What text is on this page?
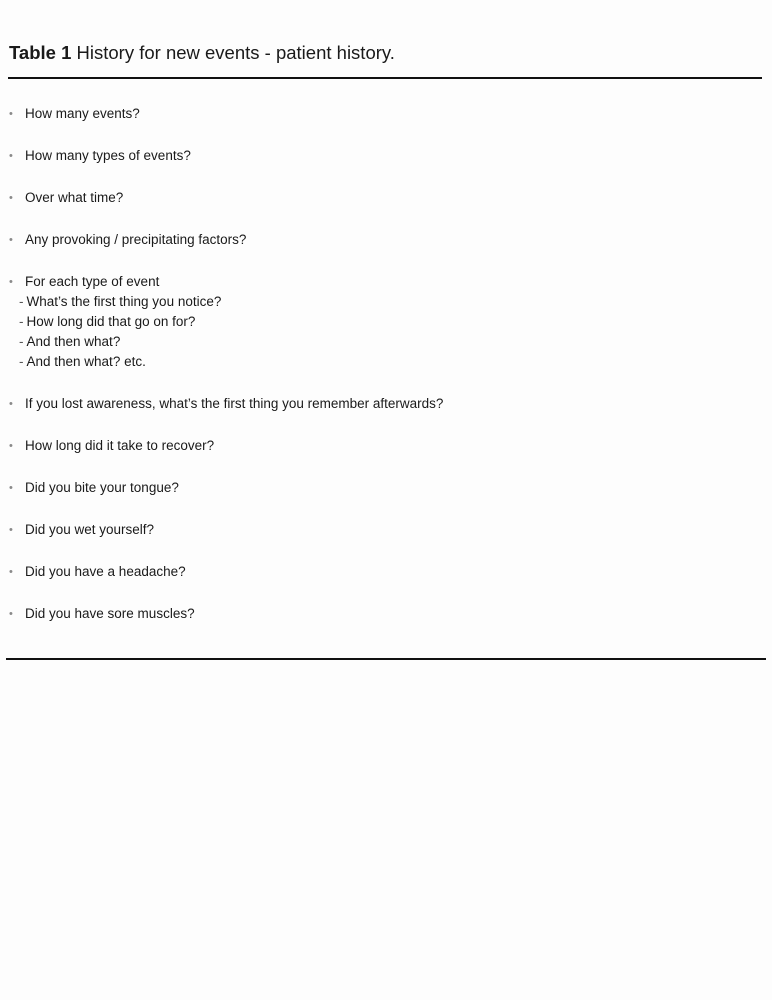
Table 1 History for new events - patient history.
• How many events?
• How many types of events?
• Over what time?
• Any provoking / precipitating factors?
• For each type of event
- What’s the first thing you notice?
- How long did that go on for?
- And then what?
- And then what? etc.
• If you lost awareness, what’s the first thing you remember afterwards?
• How long did it take to recover?
• Did you bite your tongue?
• Did you wet yourself?
• Did you have a headache?
• Did you have sore muscles?
